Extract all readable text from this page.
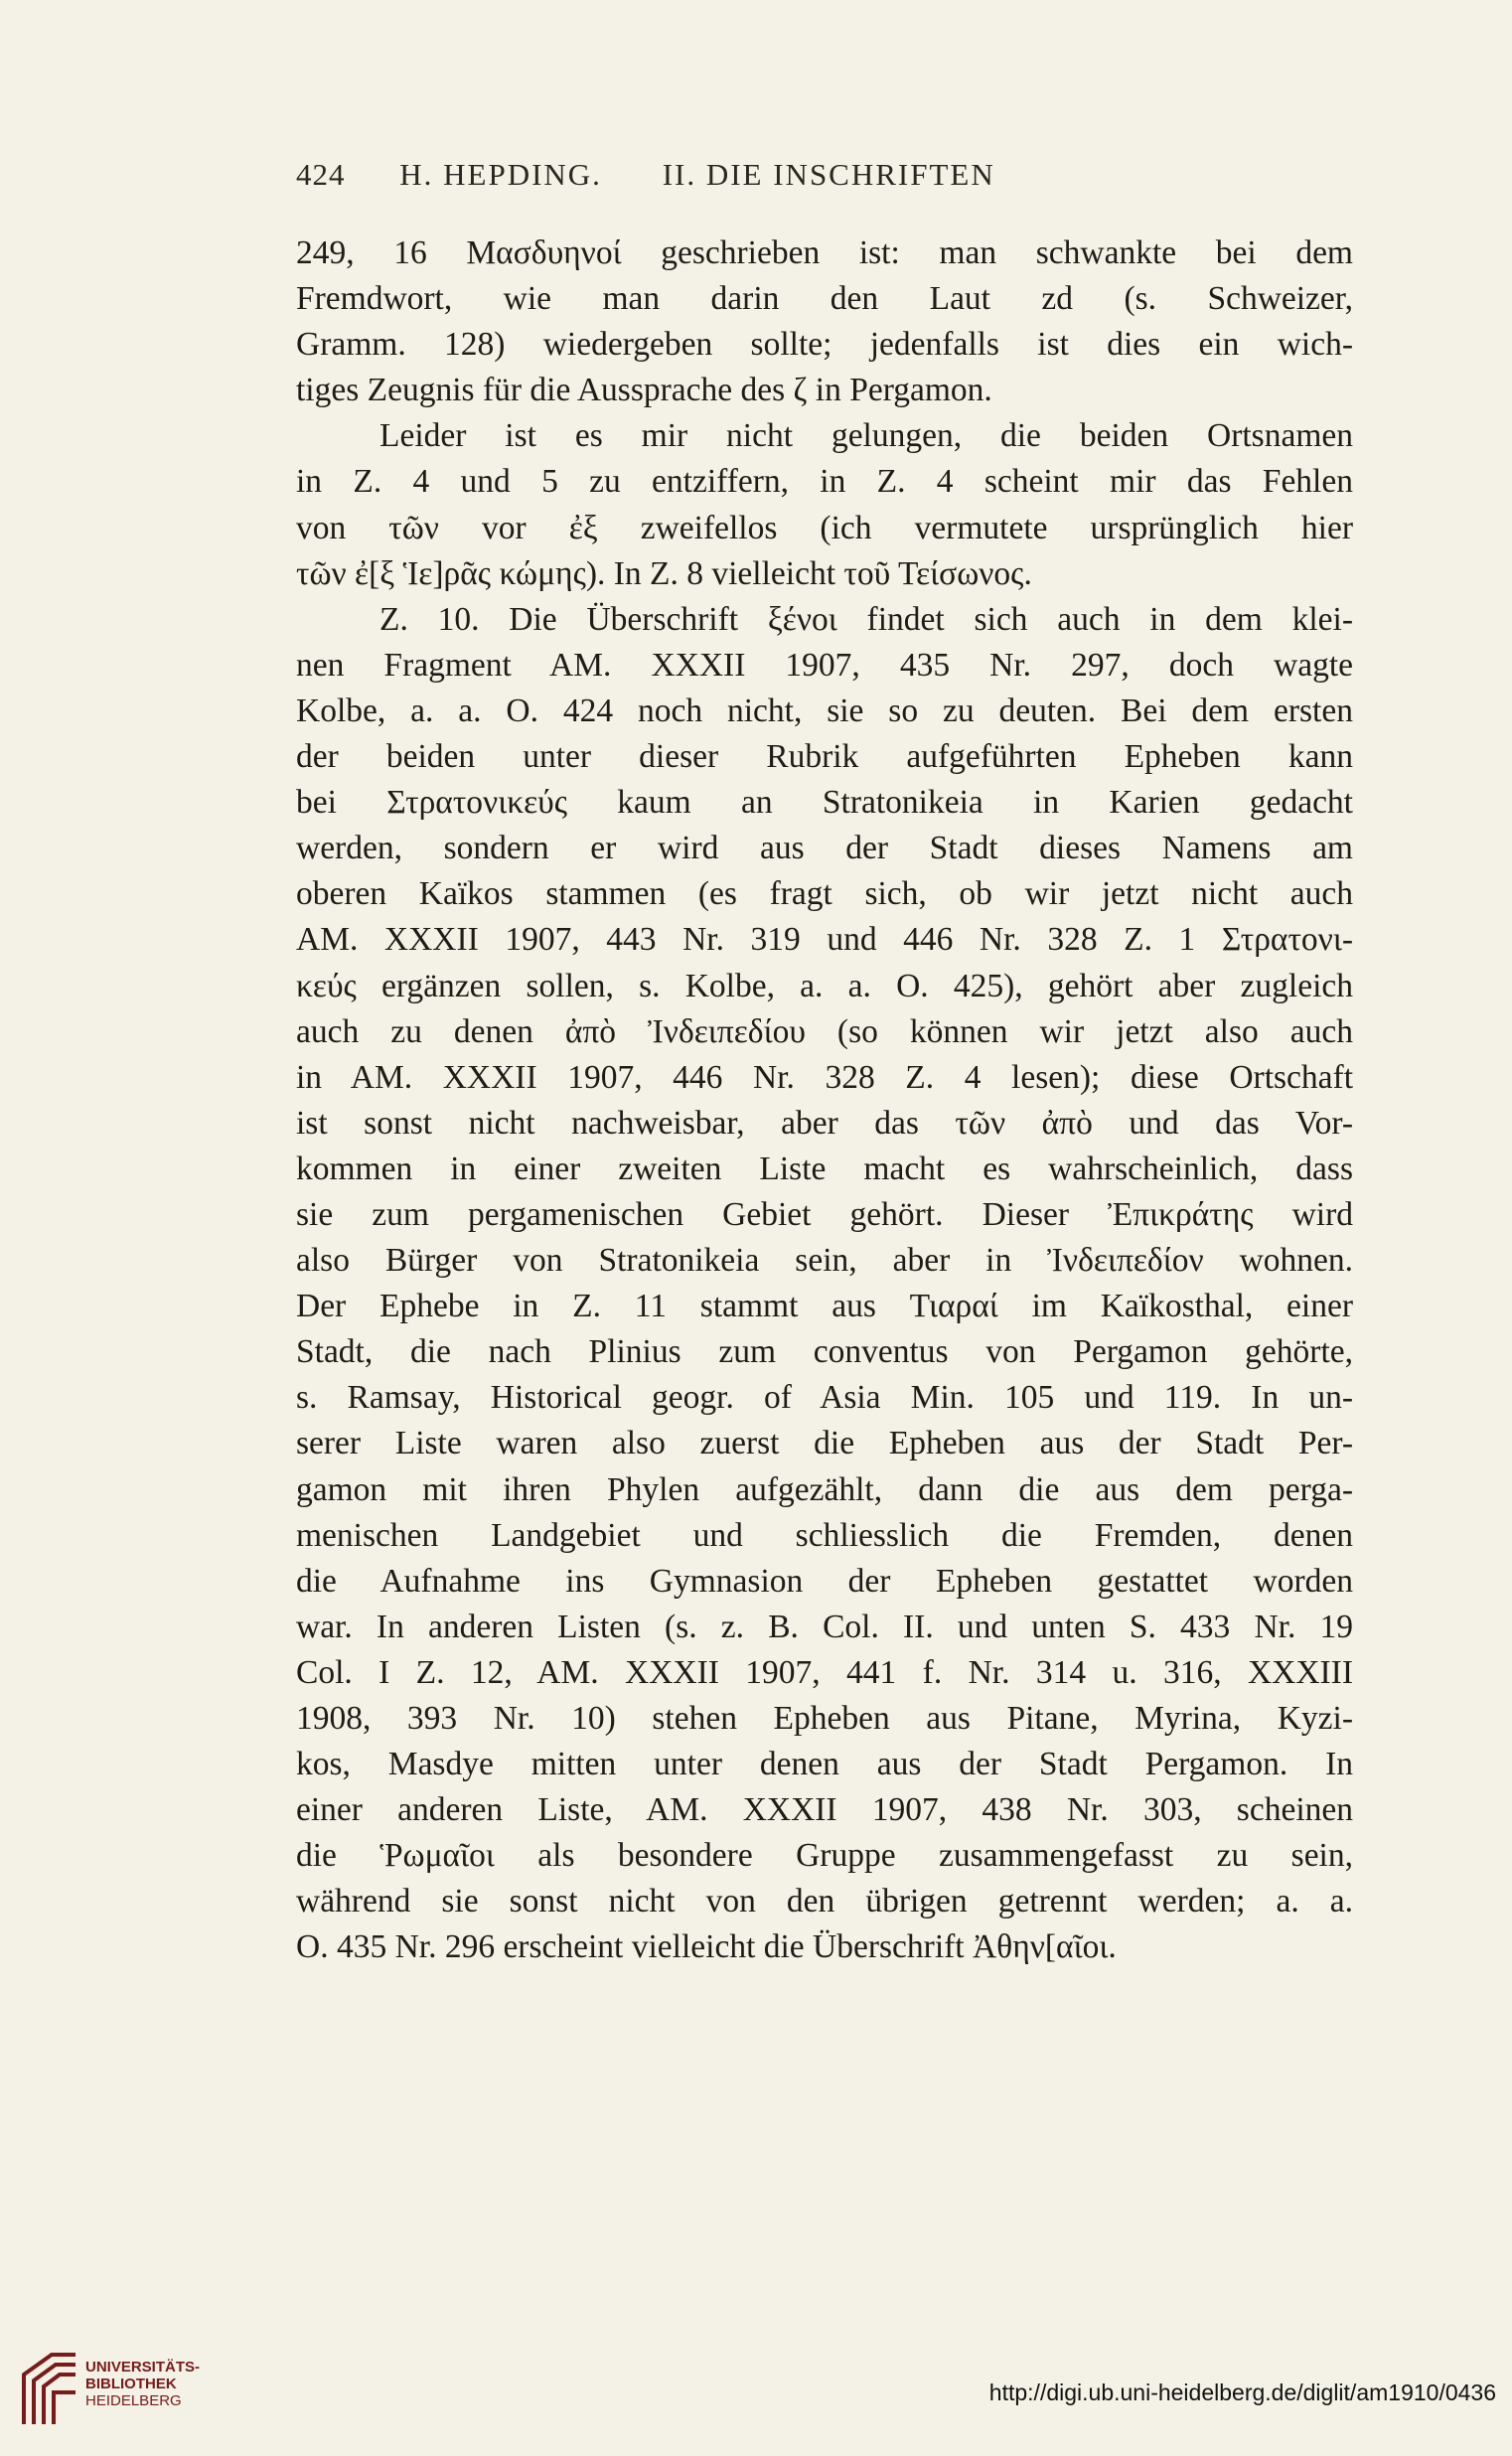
424 H. HEPDING. II. DIE INSCHRIFTEN
249, 16 Μασδυηνοί geschrieben ist: man schwankte bei dem
Fremdwort, wie man darin den Laut zd (s. Schweizer,
Gramm. 128) wiedergeben sollte; jedenfalls ist dies ein wich-
tiges Zeugnis für die Aussprache des ζ in Pergamon.
Leider ist es mir nicht gelungen, die beiden Ortsnamen
in Z. 4 und 5 zu entziffern, in Z. 4 scheint mir das Fehlen
von τῶν vor ἐξ zweifellos (ich vermutete ursprünglich hier
τῶν ἐ[ξ Ἱε]ρᾶς κώμης). In Z. 8 vielleicht τοῦ Τείσωνος.
Z. 10. Die Überschrift ξένοι findet sich auch in dem klei-
nen Fragment AM. XXXII 1907, 435 Nr. 297, doch wagte
Kolbe, a. a. O. 424 noch nicht, sie so zu deuten. Bei dem ersten
der beiden unter dieser Rubrik aufgeführten Epheben kann
bei Στρατονικεύς kaum an Stratonikeia in Karien gedacht
werden, sondern er wird aus der Stadt dieses Namens am
oberen Kaïkos stammen (es fragt sich, ob wir jetzt nicht auch
AM. XXXII 1907, 443 Nr. 319 und 446 Nr. 328 Z. 1 Στρατονι-
κεύς ergänzen sollen, s. Kolbe, a. a. O. 425), gehört aber zugleich
auch zu denen ἀπὸ Ἰνδειπεδίου (so können wir jetzt also auch
in AM. XXXII 1907, 446 Nr. 328 Z. 4 lesen); diese Ortschaft
ist sonst nicht nachweisbar, aber das τῶν ἀπὸ und das Vor-
kommen in einer zweiten Liste macht es wahrscheinlich, dass
sie zum pergamenischen Gebiet gehört. Dieser Ἐπικράτης wird
also Bürger von Stratonikeia sein, aber in Ἰνδειπεδίον wohnen.
Der Ephebe in Z. 11 stammt aus Τιαραί im Kaïkosthal, einer
Stadt, die nach Plinius zum conventus von Pergamon gehörte,
s. Ramsay, Historical geogr. of Asia Min. 105 und 119. In un-
serer Liste waren also zuerst die Epheben aus der Stadt Per-
gamon mit ihren Phylen aufgezählt, dann die aus dem perga-
menischen Landgebiet und schliesslich die Fremden, denen
die Aufnahme ins Gymnasion der Epheben gestattet worden
war. In anderen Listen (s. z. B. Col. II. und unten S. 433 Nr. 19
Col. I Z. 12, AM. XXXII 1907, 441 f. Nr. 314 u. 316, XXXIII
1908, 393 Nr. 10) stehen Epheben aus Pitane, Myrina, Kyzi-
kos, Masdye mitten unter denen aus der Stadt Pergamon. In
einer anderen Liste, AM. XXXII 1907, 438 Nr. 303, scheinen
die Ῥωμαῖοι als besondere Gruppe zusammengefasst zu sein,
während sie sonst nicht von den übrigen getrennt werden; a. a.
O. 435 Nr. 296 erscheint vielleicht die Überschrift Ἀθην[αῖοι.
UNIVERSITÄTS-
BIBLIOTHEK
HEIDELBERG	http://digi.ub.uni-heidelberg.de/diglit/am1910/0436
